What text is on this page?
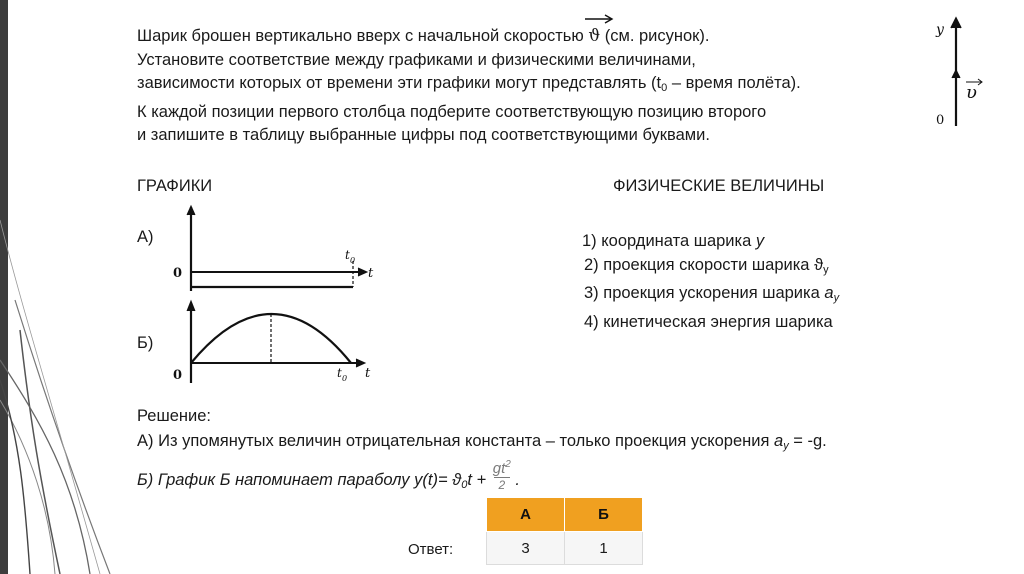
Шарик брошен вертикально вверх с начальной скоростью
ϑ (см. рисунок).
Установите соответствие между графиками и физическими величинами,
зависимости которых от времени эти графики могут представлять ($t_0$ – время полёта).
К каждой позиции первого столбца подберите соответствующую позицию второго
и запишите в таблицу выбранные цифры под соответствующими буквами.
y
0
υ
ГРАФИКИ	ФИЗИЧЕСКИЕ ВЕЛИЧИНЫ
А)
Б)
0
t 0
t
0	t 0 t
1) координата шарика y
2) проекция скорости шарика ϑy
3) проекция ускорения шарика ay
4) кинетическая энергия шарика
Решение:
А) Из упомянутых величин отрицательная константа – только проекция ускорения ay = -g.
Б) График Б напоминает параболу $y(t)= ϑ0t + \frac{gt^2}{2}$ .
Ответ:
А	Б
3	1
